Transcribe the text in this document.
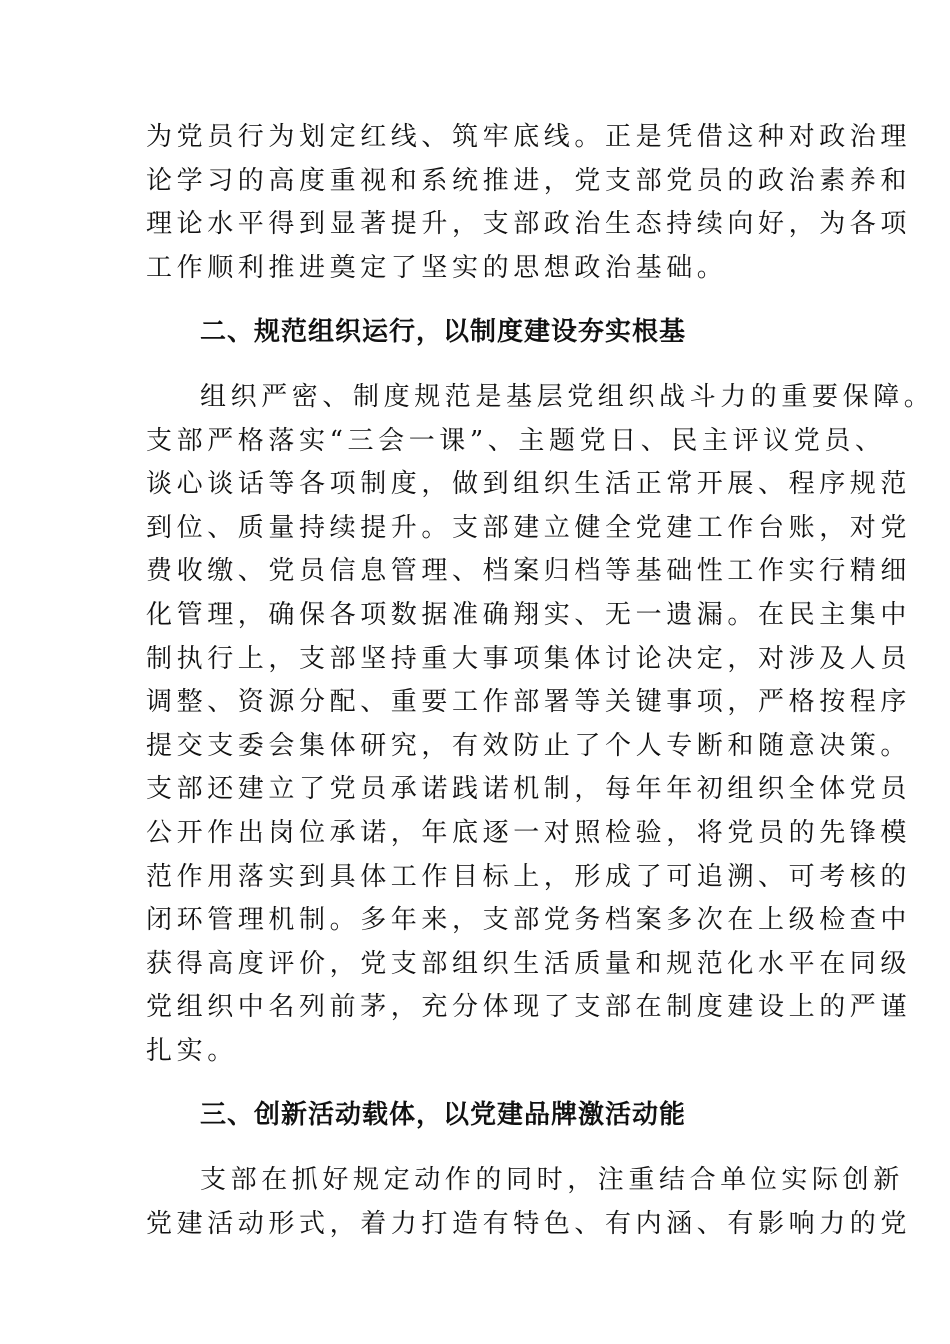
为党员行为划定红线、筑牢底线。正是凭借这种对政治理
论学习的高度重视和系统推进，党支部党员的政治素养和
理论水平得到显著提升，支部政治生态持续向好，为各项
工作顺利推进奠定了坚实的思想政治基础。
二、规范组织运行，以制度建设夯实根基
组织严密、制度规范是基层党组织战斗力的重要保障。
支部严格落实“三会一课”、主题党日、民主评议党员、
谈心谈话等各项制度，做到组织生活正常开展、程序规范
到位、质量持续提升。支部建立健全党建工作台账，对党
费收缴、党员信息管理、档案归档等基础性工作实行精细
化管理，确保各项数据准确翔实、无一遗漏。在民主集中
制执行上，支部坚持重大事项集体讨论决定，对涉及人员
调整、资源分配、重要工作部署等关键事项，严格按程序
提交支委会集体研究，有效防止了个人专断和随意决策。
支部还建立了党员承诺践诺机制，每年年初组织全体党员
公开作出岗位承诺，年底逐一对照检验，将党员的先锋模
范作用落实到具体工作目标上，形成了可追溯、可考核的
闭环管理机制。多年来，支部党务档案多次在上级检查中
获得高度评价，党支部组织生活质量和规范化水平在同级
党组织中名列前茅，充分体现了支部在制度建设上的严谨
扎实。
三、创新活动载体，以党建品牌激活动能
支部在抓好规定动作的同时，注重结合单位实际创新
党建活动形式，着力打造有特色、有内涵、有影响力的党
